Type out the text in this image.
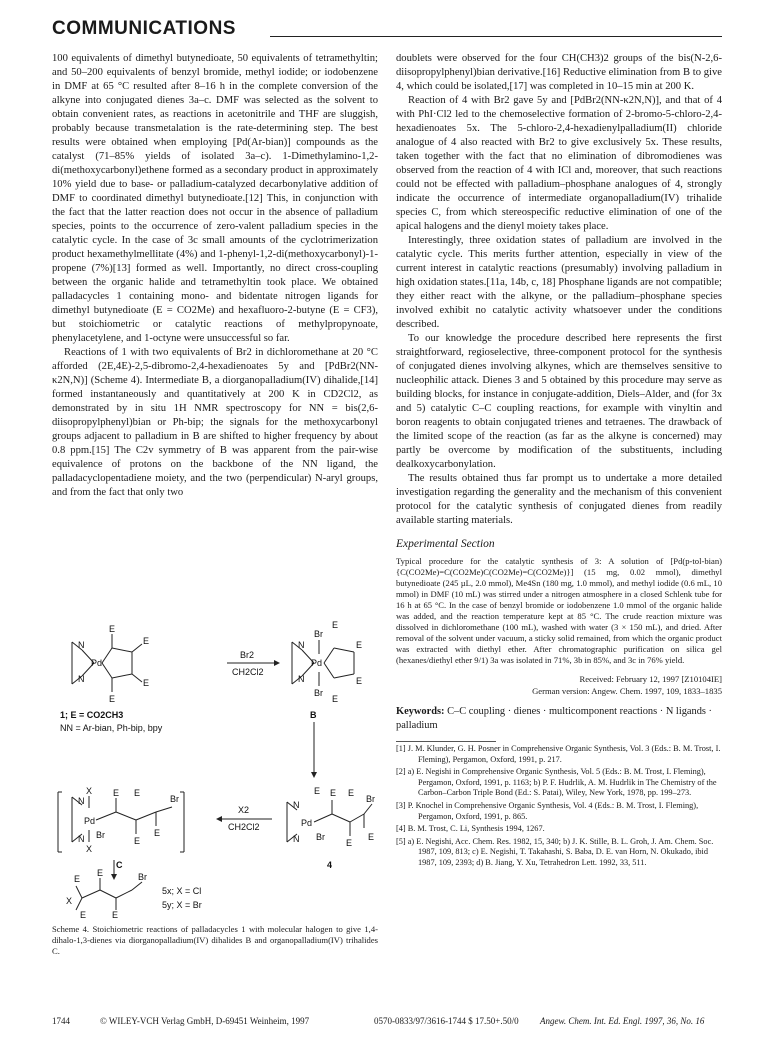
COMMUNICATIONS

100 equivalents of dimethyl butynedioate, 50 equivalents of tetramethyltin; and 50–200 equivalents of benzyl bromide, methyl iodide; or iodobenzene in DMF at 65 °C resulted after 8–16 h in the complete conversion of the alkyne into conjugated dienes 3a–c. DMF was selected as the solvent to obtain convenient rates, as reactions in acetonitrile and THF are sluggish, probably because transmetalation is the rate-determining step. The best results were obtained when employing [Pd(Ar-bian)] compounds as the catalyst (71–85% yields of isolated 3a–c). 1-Dimethylamino-1,2-di(methoxycarbonyl)ethene formed as a secondary product in approximately 10% yield due to base- or palladium-catalyzed decarbonylative addition of DMF to coordinated dimethyl butynedioate.[12] This, in conjunction with the fact that the latter reaction does not occur in the absence of palladium species, points to the occurrence of zero-valent palladium species in the catalytic cycle. In the case of 3c small amounts of the cyclotrimerization product hexamethylmellitate (4%) and 1-phenyl-1,2-di(methoxycarbonyl)-1-propene (7%)[13] formed as well. Importantly, no direct cross-coupling between the organic halide and tetramethyltin took place. We obtained palladacycles 1 containing mono- and bidentate nitrogen ligands for dimethyl butynedioate (E = CO2Me) and hexafluoro-2-butyne (E = CF3), but stoichiometric or catalytic reactions of methylpropynoate, phenylacetylene, and 1-octyne were unsuccessful so far.

Reactions of 1 with two equivalents of Br2 in dichloromethane at 20 °C afforded (2E,4E)-2,5-dibromo-2,4-hexadienoates 5y and [PdBr2(NN-κ2N,N)] (Scheme 4). Intermediate B, a diorganopalladium(IV) dihalide,[14] formed instantaneously and quantitatively at 200 K in CD2Cl2, as demonstrated by in situ 1H NMR spectroscopy for NN = bis(2,6-diisopropylphenyl)bian or Ph-bip; the signals for the methoxycarbonyl groups adjacent to palladium in B are shifted to higher frequency by about 0.8 ppm.[15] The C2v symmetry of B was apparent from the pair-wise equivalence of protons on the backbone of the NN ligand, the palladacyclopentadiene moiety, and the two (perpendicular) N-aryl groups, and from the fact that only two

Pd
N
N
E
E
E
E
Br2
CH2Cl2
Pd
N
N
Br
Br
E
E
E
E
Pd
N
N
X
X
Br
Br
E E
E
E
X2
CH2Cl2	Pd
N
N
E E E
Br
Br
E
E
X
Br
E
E
E	E
1; E = CO2CH3
NN = Ar-bian, Ph-bip, bpy
B
C	4
5x; X = Cl
5y; X = Br
Scheme 4. Stoichiometric reactions of palladacycles 1 with molecular halogen to give 1,4-dihalo-1,3-dienes via diorganopalladium(IV) dihalides B and organopalladium(IV) trihalides C.

doublets were observed for the four CH(CH3)2 groups of the bis(N-2,6-diisopropylphenyl)bian derivative.[16] Reductive elimination from B to give 4, which could be isolated,[17] was completed in 10–15 min at 200 K.

Reaction of 4 with Br2 gave 5y and [PdBr2(NN-κ2N,N)], and that of 4 with PhI·Cl2 led to the chemoselective formation of 2-bromo-5-chloro-2,4-hexadienoates 5x. The 5-chloro-2,4-hexadienylpalladium(II) chloride analogue of 4 also reacted with Br2 to give exclusively 5x. These results, taken together with the fact that no elimination of dibromodienes was observed from the reaction of 4 with ICl and, moreover, that such reactions could not be effected with palladium–phosphane analogues of 4, strongly indicate the occurrence of intermediate organopalladium(IV) trihalide species C, from which stereospecific reductive elimination of one of the apical halogens and the dienyl moiety takes place.

Interestingly, three oxidation states of palladium are involved in the catalytic cycle. This merits further attention, especially in view of the current interest in catalytic reactions (presumably) involving palladium in high oxidation states.[11a, 14b, c, 18] Phosphane ligands are not compatible; they either react with the alkyne, or the palladium–phosphane species involved exhibit no catalytic activity whatsoever under the conditions described.

To our knowledge the procedure described here represents the first straightforward, regioselective, three-component protocol for the synthesis of conjugated dienes involving alkynes, which are themselves sensitive to nucleophilic attack. Dienes 3 and 5 obtained by this procedure may serve as building blocks, for instance in conjugate-addition, Diels–Alder, and (for 3x and 5) catalytic C–C coupling reactions, for example with vinyltin and boron reagents to obtain conjugated trienes and tetraenes. The drawback of the limited scope of the reaction (as far as the alkyne is concerned) may partly be overcome by modification of the substituents, including dealkoxycarbonylation.

The results obtained thus far prompt us to undertake a more detailed investigation regarding the generality and the mechanism of this convenient protocol for the catalytic synthesis of conjugated dienes from readily available starting materials.

Experimental Section

Typical procedure for the catalytic synthesis of 3: A solution of [Pd(p-tol-bian){C(CO2Me)=C(CO2Me)C(CO2Me)=C(CO2Me)}] (15 mg, 0.02 mmol), dimethyl butynedioate (245 µL, 2.0 mmol), Me4Sn (180 mg, 1.0 mmol), and methyl iodide (0.6 mL, 10 mmol) in DMF (10 mL) was stirred under a nitrogen atmosphere in a closed Schlenk tube for 16 h at 65 °C. In the case of benzyl bromide or iodobenzene 1.0 mmol of the organic halide was added, and the reaction temperature kept at 85 °C. The crude reaction mixture was dissolved in dichloromethane (100 mL), washed with water (3 × 150 mL), and dried. After removal of the solvent under vacuum, a sticky solid remained, from which the organic product was extracted with diethyl ether. After chromatographic purification on silica gel (hexanes/diethyl ether 9/1) 3a was isolated in 71%, 3b in 85%, and 3c in 76% yield.

Received: February 12, 1997 [Z10104IE]
German version: Angew. Chem. 1997, 109, 1833–1835
Keywords: C–C coupling · dienes · multicomponent reactions · N ligands · palladium
[1] J. M. Klunder, G. H. Posner in Comprehensive Organic Synthesis, Vol. 3 (Eds.: B. M. Trost, I. Fleming), Pergamon, Oxford, 1991, p. 217.
[2] a) E. Negishi in Comprehensive Organic Synthesis, Vol. 5 (Eds.: B. M. Trost, I. Fleming), Pergamon, Oxford, 1991, p. 1163; b) P. F. Hudrlik, A. M. Hudrlik in The Chemistry of the Carbon–Carbon Triple Bond (Ed.: S. Patai), Wiley, New York, 1978, pp. 199–273.
[3] P. Knochel in Comprehensive Organic Synthesis, Vol. 4 (Eds.: B. M. Trost, I. Fleming), Pergamon, Oxford, 1991, p. 865.
[4] B. M. Trost, C. Li, Synthesis 1994, 1267.
[5] a) E. Negishi, Acc. Chem. Res. 1982, 15, 340; b) J. K. Stille, B. L. Groh, J. Am. Chem. Soc. 1987, 109, 813; c) E. Negishi, T. Takahashi, S. Baba, D. E. van Horn, N. Okukado, ibid 1987, 109, 2393; d) B. Jiang, Y. Xu, Tetrahedron Lett. 1992, 33, 511.
1744	© WILEY-VCH Verlag GmbH, D-69451 Weinheim, 1997	0570-0833/97/3616-1744 $ 17.50+.50/0 Angew. Chem. Int. Ed. Engl. 1997, 36, No. 16
